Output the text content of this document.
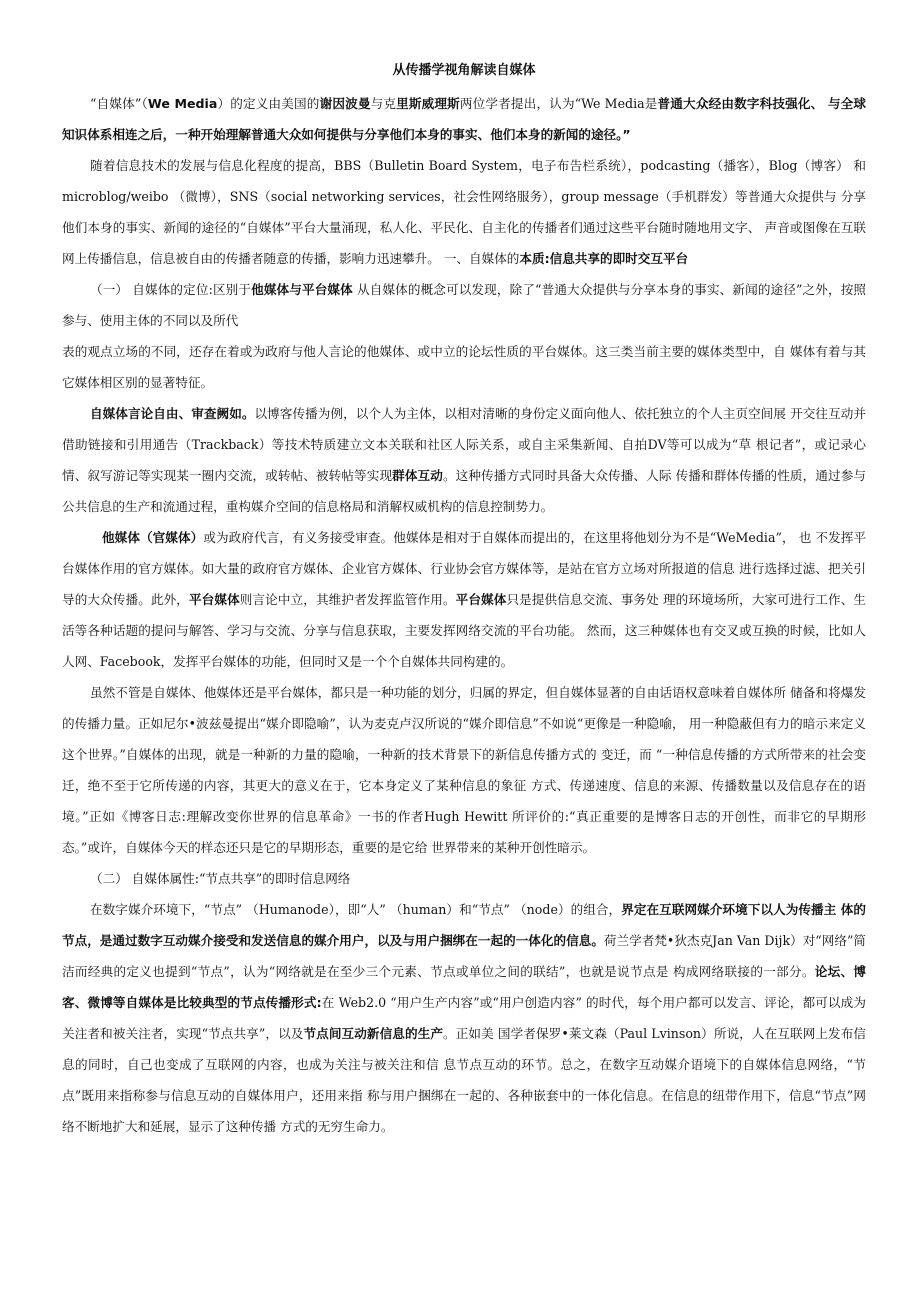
从传播学视角解读自媒体

“自媒体”（We Media）的定义由美国的谢因波曼与克里斯威理斯两位学者提出，认为“We Media是普通大众经由数字科技强化、 与全球知识体系相连之后，一种开始理解普通大众如何提供与分享他们本身的事实、他们本身的新闻的途径。”

随着信息技术的发展与信息化程度的提高，BBS（Bulletin Board System，电子布告栏系统），podcasting（播客），Blog（博客） 和microblog/weibo （微博），SNS（social networking services，社会性网络服务），group message（手机群发）等普通大众提供与 分享他们本身的事实、新闻的途径的“自媒体”平台大量涌现，私人化、平民化、自主化的传播者们通过这些平台随时随地用文字、 声音或图像在互联网上传播信息，信息被自由的传播者随意的传播，影响力迅速攀升。 一、自媒体的本质:信息共享的即时交互平台

（一） 自媒体的定位:区别于他媒体与平台媒体 从自媒体的概念可以发现，除了“普通大众提供与分享本身的事实、新闻的途径”之外，按照参与、使用主体的不同以及所代

表的观点立场的不同，还存在着或为政府与他人言论的他媒体、或中立的论坛性质的平台媒体。这三类当前主要的媒体类型中，自 媒体有着与其它媒体相区别的显著特征。

自媒体言论自由、审查阙如。以博客传播为例，以个人为主体，以相对清晰的身份定义面向他人、依托独立的个人主页空间展 开交往互动并借助链接和引用通告（Trackback）等技术特质建立文本关联和社区人际关系，或自主采集新闻、自拍DV等可以成为“草 根记者”，或记录心情、叙写游记等实现某一圈内交流，或转帖、被转帖等实现群体互动。这种传播方式同时具备大众传播、人际 传播和群体传播的性质，通过参与公共信息的生产和流通过程，重构媒介空间的信息格局和消解权威机构的信息控制势力。

他媒体（官媒体）或为政府代言，有义务接受审查。他媒体是相对于自媒体而提出的，在这里将他划分为不是“WeMedia”， 也 不发挥平台媒体作用的官方媒体。如大量的政府官方媒体、企业官方媒体、行业协会官方媒体等，是站在官方立场对所报道的信息 进行选择过滤、把关引导的大众传播。此外，平台媒体则言论中立，其维护者发挥监管作用。平台媒体只是提供信息交流、事务处 理的环境场所，大家可进行工作、生活等各种话题的提问与解答、学习与交流、分享与信息获取，主要发挥网络交流的平台功能。 然而，这三种媒体也有交叉或互换的时候，比如人人网、Facebook，发挥平台媒体的功能，但同时又是一个个自媒体共同构建的。

虽然不管是自媒体、他媒体还是平台媒体，都只是一种功能的划分，归属的界定，但自媒体显著的自由话语权意味着自媒体所 储备和将爆发的传播力量。正如尼尔•波兹曼提出“媒介即隐喻”，认为麦克卢汉所说的“媒介即信息”不如说“更像是一种隐喻， 用一种隐蔽但有力的暗示来定义这个世界。”自媒体的出现，就是一种新的力量的隐喻，一种新的技术背景下的新信息传播方式的 变迁，而 “一种信息传播的方式所带来的社会变迁，绝不至于它所传递的内容，其更大的意义在于，它本身定义了某种信息的象征 方式、传递速度、信息的来源、传播数量以及信息存在的语境。”正如《博客日志:理解改变你世界的信息革命》一书的作者Hugh Hewitt 所评价的:“真正重要的是博客日志的开创性，而非它的早期形态。”或许，自媒体今天的样态还只是它的早期形态，重要的是它给 世界带来的某种开创性暗示。

（二） 自媒体属性:“节点共享”的即时信息网络

在数字媒介环境下，“节点” （Humanode），即“人” （human）和“节点” （node）的组合，界定在互联网媒介环境下以人为传播主 体的节点，是通过数字互动媒介接受和发送信息的媒介用户，以及与用户捆绑在一起的一体化的信息。荷兰学者梵•狄杰克Jan Van Dijk）对“网络”简洁而经典的定义也提到“节点”，认为“网络就是在至少三个元素、节点或单位之间的联结”，也就是说节点是 构成网络联接的一部分。论坛、博客、微博等自媒体是比较典型的节点传播形式:在 Web2.0 “用户生产内容”或“用户创造内容” 的时代，每个用户都可以发言、评论，都可以成为关注者和被关注者，实现“节点共享”，以及节点间互动新信息的生产。正如美 国学者保罗•莱文森（Paul Lvinson）所说，人在互联网上发布信息的同时，自己也变成了互联网的内容，也成为关注与被关注和信 息节点互动的环节。总之，在数字互动媒介语境下的自媒体信息网络，“节点”既用来指称参与信息互动的自媒体用户，还用来指 称与用户捆绑在一起的、各种嵌套中的一体化信息。在信息的纽带作用下，信息“节点”网络不断地扩大和延展，显示了这种传播 方式的无穷生命力。
